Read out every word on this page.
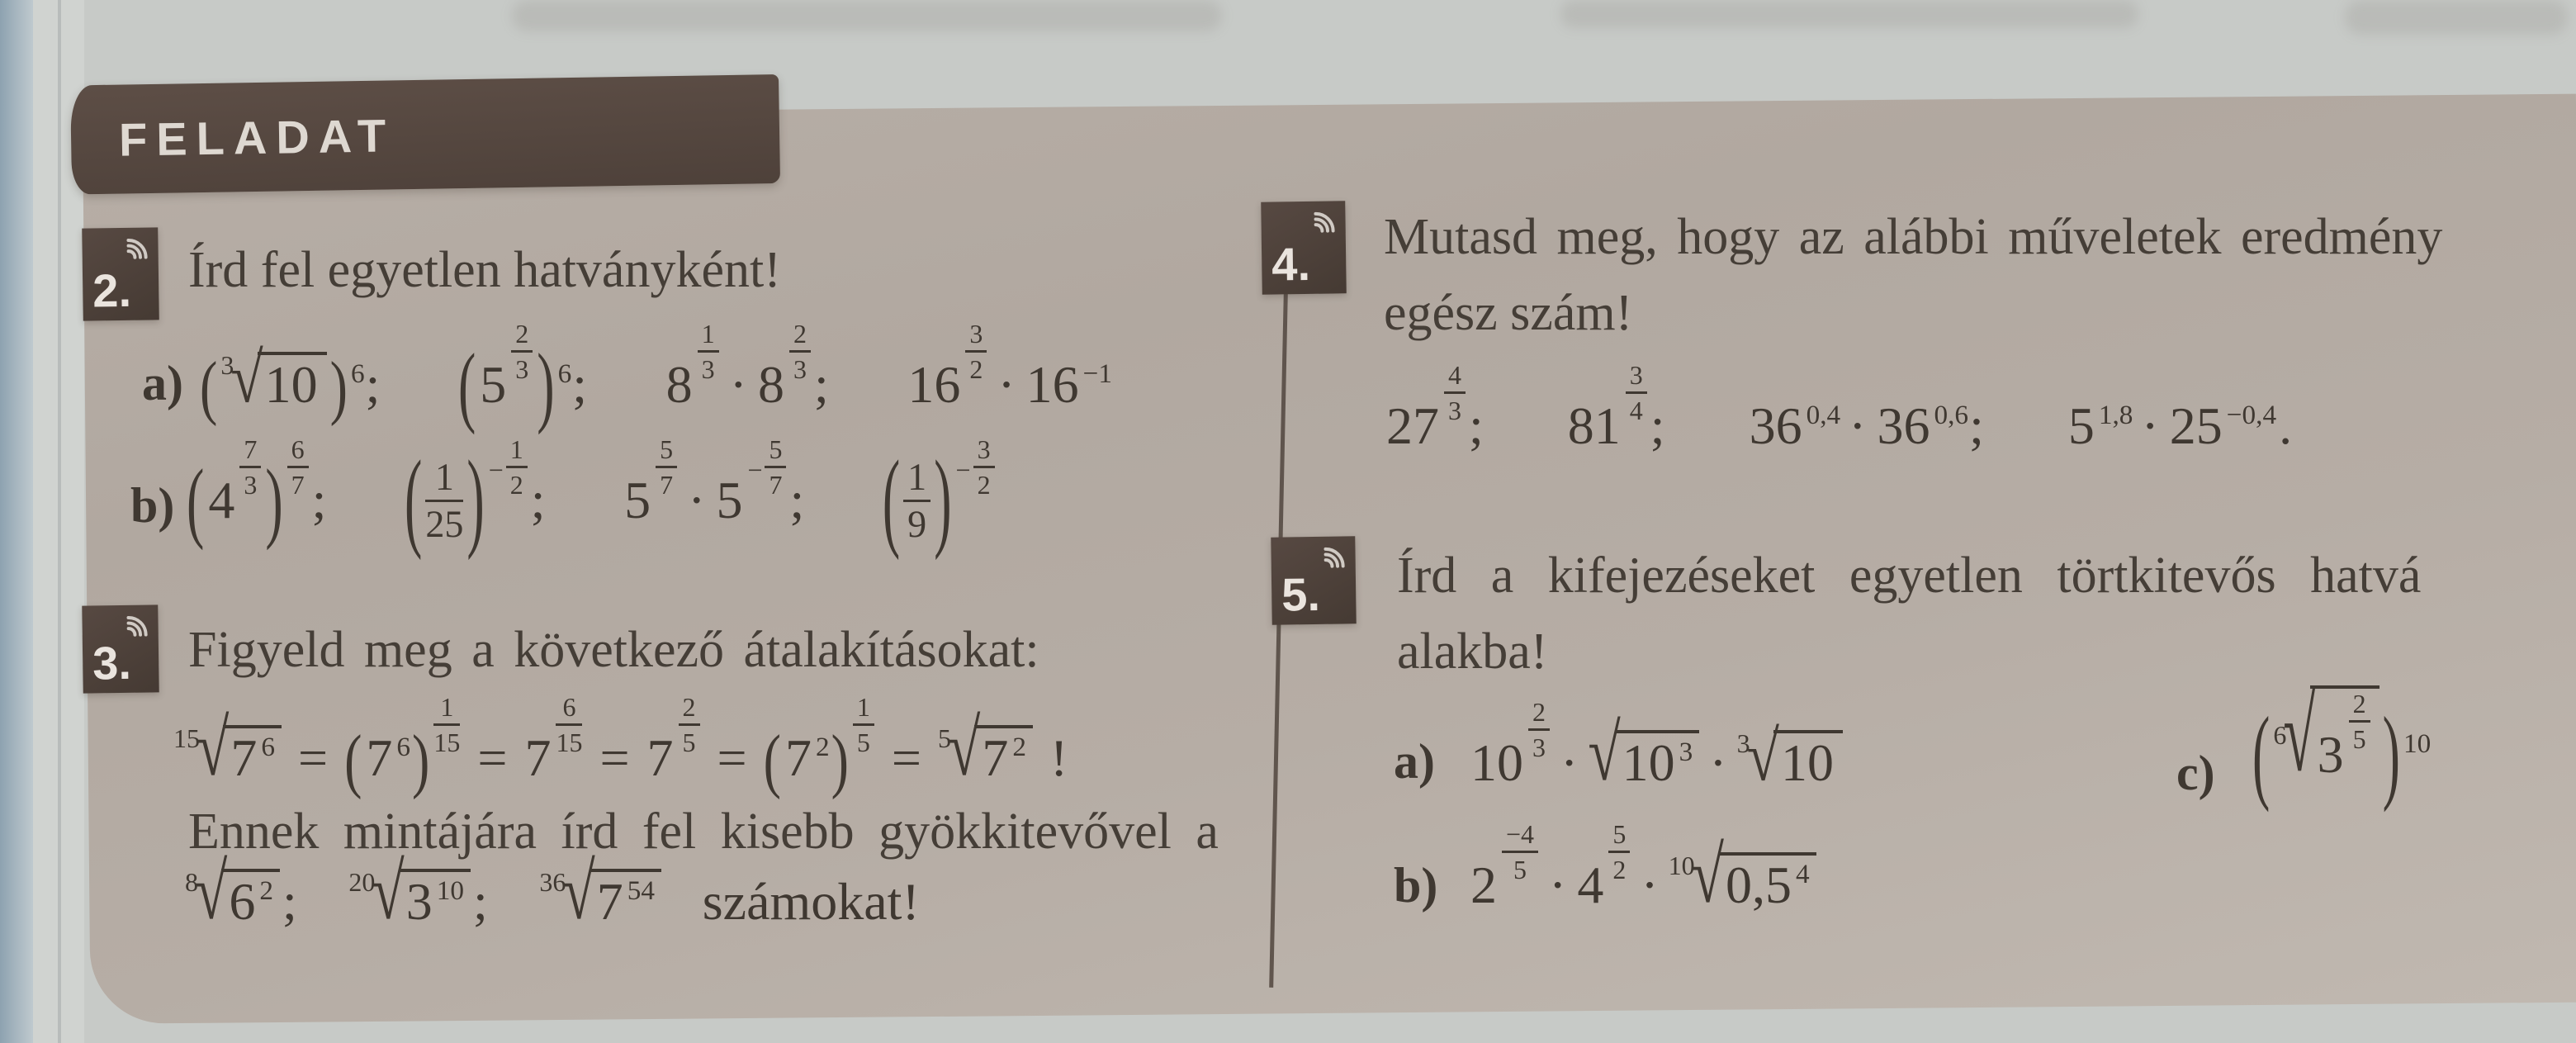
FELADAT
2. Írd fel egyetlen hatványként!
a) ( 3√10 ) 6; (5
$\frac{2}{3}$ ) 6; 8
$\frac{1}{3}$
· 8
$\frac{2}{3}$
; 16
$\frac{3}{2}$
· 16 −1
b) (4
$\frac{7}{3}$ ) $\frac{6}{7}$
; ( $\frac{1}{25}$ ) − $\frac{1}{2}$
; 5
$\frac{5}{7}$
· $5- \frac{5}{7}$
; ( $\frac{1}{9}$ ) − $\frac{3}{2}$
3. Figyeld meg a következő átalakításokat:
15√7 6 = (7 $6) \frac{1}{15}$
= 7
$\frac{6}{15}$
= 7
$\frac{2}{5}$
= (7 $2) \frac{1}{5}$
= 5√7 2 !
Ennek mintájára írd fel kisebb gyökkitevővel a
8√6 2 ; 20√3 10 ; 36√7 54 számokat!
4. Mutasd meg, hogy az alábbi műveletek eredmény
egész szám!
27
$\frac{4}{3}$
; 81
$\frac{3}{4}$
; 36 0,4 · 36 0,6; 5 1,8 · 25 −0,4.
5. Írd a kifejezéseket egyetlen törtkitevős hatvá
alakba!
a) 10
$\frac{2}{3}$
· √10 3 · 3√10	c) ( 6√3
$\frac{2}{5}$ ) 10
b) 2
$\frac{-4}{5}$
· 4
$\frac{5}{2}$
· 10√0,5 4
